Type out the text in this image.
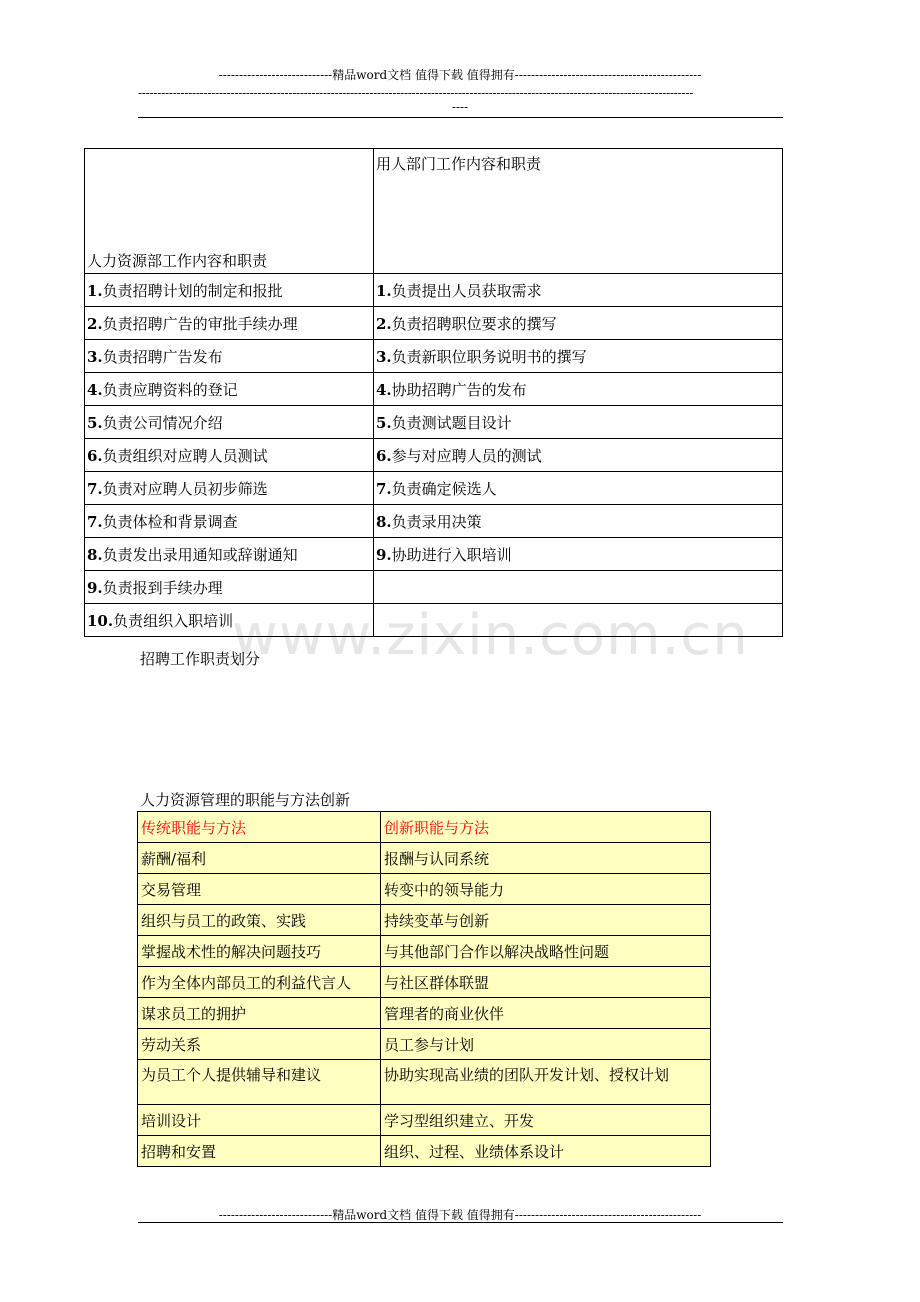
----------------------------精品word文档 值得下载 值得拥有----------------------------------------------
------------------------------------------------------------------------------------------------------------------------------------------------
----
www.zixin.com.cn
人力资源部工作内容和职责	用人部门工作内容和职责
1.负责招聘计划的制定和报批	1.负责提出人员获取需求
2.负责招聘广告的审批手续办理	2.负责招聘职位要求的撰写
3.负责招聘广告发布	3.负责新职位职务说明书的撰写
4.负责应聘资料的登记	4.协助招聘广告的发布
5.负责公司情况介绍	5.负责测试题目设计
6.负责组织对应聘人员测试	6.参与对应聘人员的测试
7.负责对应聘人员初步筛选	7.负责确定候选人
7.负责体检和背景调查	8.负责录用决策
8.负责发出录用通知或辞谢通知	9.协助进行入职培训
9.负责报到手续办理	
10.负责组织入职培训	
招聘工作职责划分
人力资源管理的职能与方法创新
传统职能与方法	创新职能与方法
薪酬/福利	报酬与认同系统
交易管理	转变中的领导能力
组织与员工的政策、实践	持续变革与创新
掌握战术性的解决问题技巧	与其他部门合作以解决战略性问题
作为全体内部员工的利益代言人	与社区群体联盟
谋求员工的拥护	管理者的商业伙伴
劳动关系	员工参与计划
为员工个人提供辅导和建议	协助实现高业绩的团队开发计划、授权计划
培训设计	学习型组织建立、开发
招聘和安置	组织、过程、业绩体系设计
----------------------------精品word文档 值得下载 值得拥有----------------------------------------------
